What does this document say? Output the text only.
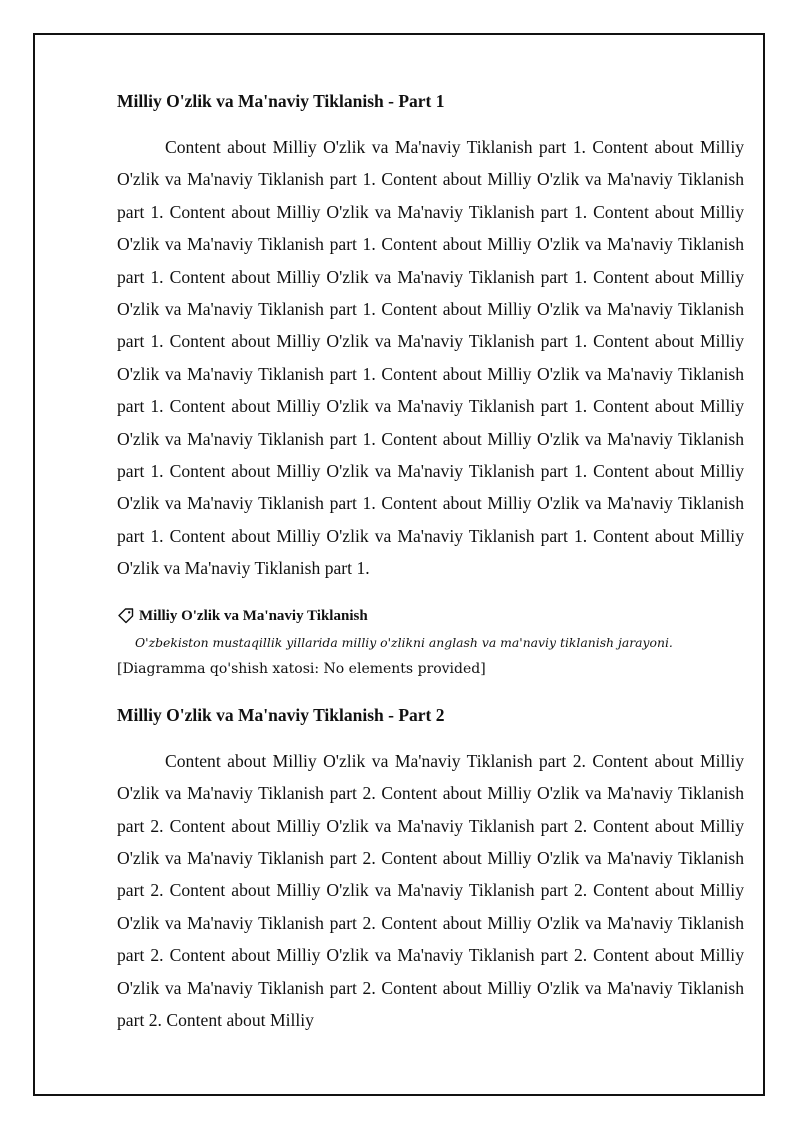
Milliy O'zlik va Ma'naviy Tiklanish - Part 1

Content about Milliy O'zlik va Ma'naviy Tiklanish part 1. Content about Milliy O'zlik va Ma'naviy Tiklanish part 1. Content about Milliy O'zlik va Ma'naviy Tiklanish part 1. Content about Milliy O'zlik va Ma'naviy Tiklanish part 1. Content about Milliy O'zlik va Ma'naviy Tiklanish part 1. Content about Milliy O'zlik va Ma'naviy Tiklanish part 1. Content about Milliy O'zlik va Ma'naviy Tiklanish part 1. Content about Milliy O'zlik va Ma'naviy Tiklanish part 1. Content about Milliy O'zlik va Ma'naviy Tiklanish part 1. Content about Milliy O'zlik va Ma'naviy Tiklanish part 1. Content about Milliy O'zlik va Ma'naviy Tiklanish part 1. Content about Milliy O'zlik va Ma'naviy Tiklanish part 1. Content about Milliy O'zlik va Ma'naviy Tiklanish part 1. Content about Milliy O'zlik va Ma'naviy Tiklanish part 1. Content about Milliy O'zlik va Ma'naviy Tiklanish part 1. Content about Milliy O'zlik va Ma'naviy Tiklanish part 1. Content about Milliy O'zlik va Ma'naviy Tiklanish part 1. Content about Milliy O'zlik va Ma'naviy Tiklanish part 1. Content about Milliy O'zlik va Ma'naviy Tiklanish part 1. Content about Milliy O'zlik va Ma'naviy Tiklanish part 1.

Milliy O'zlik va Ma'naviy Tiklanish
O'zbekiston mustaqillik yillarida milliy o'zlikni anglash va ma'naviy tiklanish jarayoni.
[Diagramma qo'shish xatosi: No elements provided]
Milliy O'zlik va Ma'naviy Tiklanish - Part 2

Content about Milliy O'zlik va Ma'naviy Tiklanish part 2. Content about Milliy O'zlik va Ma'naviy Tiklanish part 2. Content about Milliy O'zlik va Ma'naviy Tiklanish part 2. Content about Milliy O'zlik va Ma'naviy Tiklanish part 2. Content about Milliy O'zlik va Ma'naviy Tiklanish part 2. Content about Milliy O'zlik va Ma'naviy Tiklanish part 2. Content about Milliy O'zlik va Ma'naviy Tiklanish part 2. Content about Milliy O'zlik va Ma'naviy Tiklanish part 2. Content about Milliy O'zlik va Ma'naviy Tiklanish part 2. Content about Milliy O'zlik va Ma'naviy Tiklanish part 2. Content about Milliy O'zlik va Ma'naviy Tiklanish part 2. Content about Milliy O'zlik va Ma'naviy Tiklanish part 2. Content about Milliy
